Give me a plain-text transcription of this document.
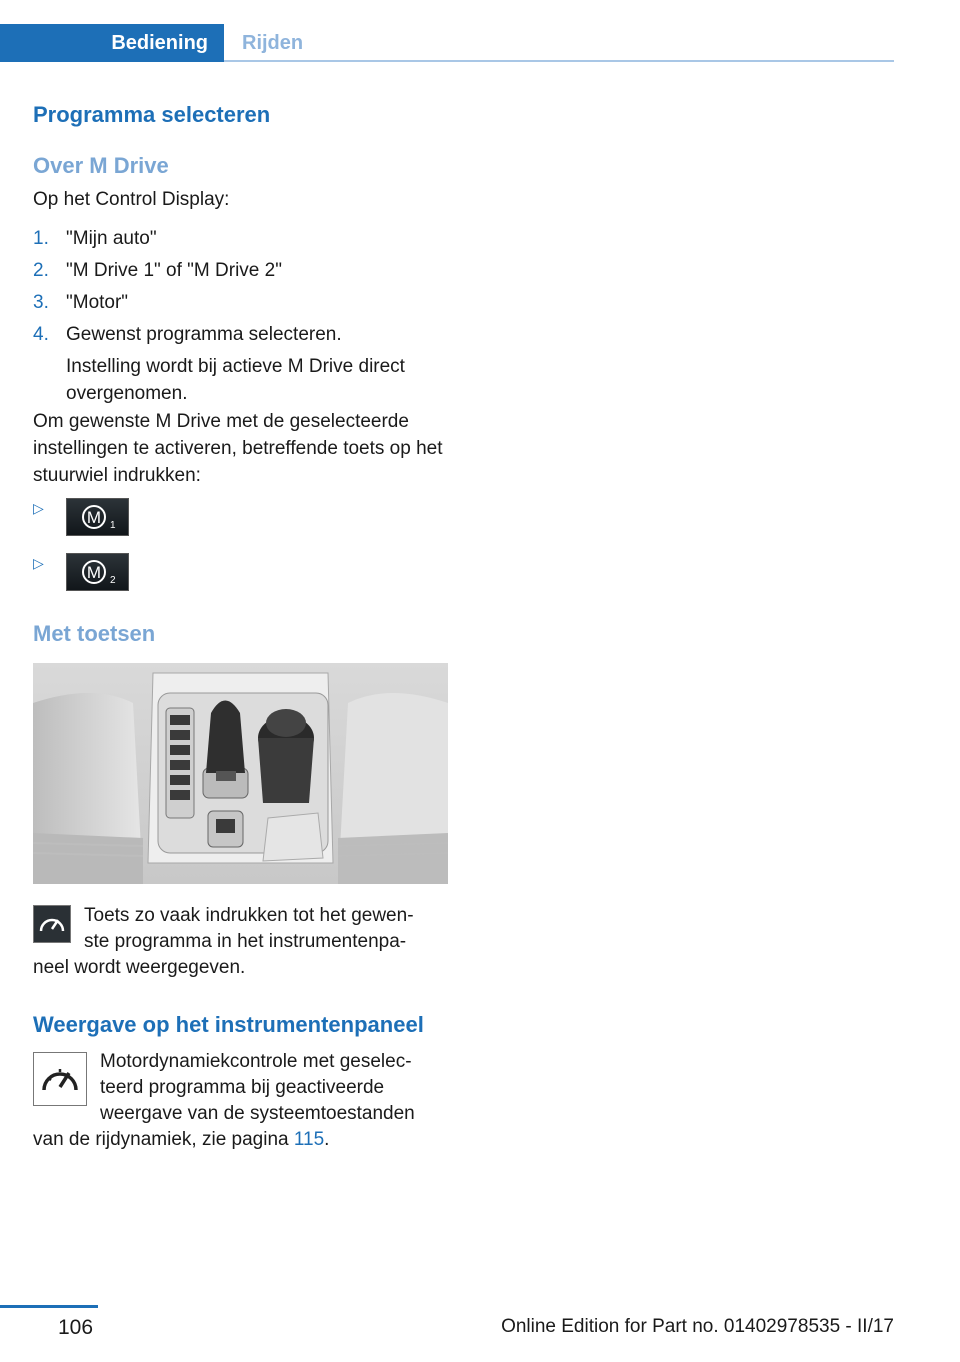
Bediening	Rijden
Programma selecteren
Over M Drive
Op het Control Display:
1. "Mijn auto"
2. "M Drive 1" of "M Drive 2"
3. "Motor"
4. Gewenst programma selecteren.
Instelling wordt bij actieve M Drive direct overgenomen.
Om gewenste M Drive met de geselecteerde instellingen te activeren, betreffende toets op het stuurwiel indrukken:
▷	M 1
▷	M 2
Met toetsen
Toets zo vaak indrukken tot het gewen-
ste programma in het instrumentenpa-
neel wordt weergegeven.
Weergave op het instrumentenpaneel
Motordynamiekcontrole met geselec-
teerd programma bij geactiveerde
weergave van de systeemtoestanden
van de rijdynamiek, zie pagina 115.
106	Online Edition for Part no. 01402978535 - II/17
